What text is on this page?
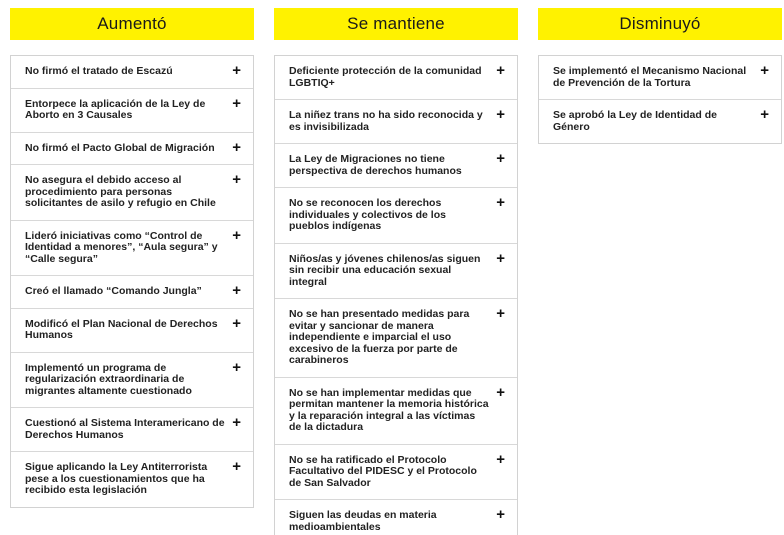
Aumentó
No firmó el tratado de Escazú	+
Entorpece la aplicación de la Ley de Aborto en 3 Causales
+
No firmó el Pacto Global de Migración	+
No asegura el debido acceso al procedimiento para personas solicitantes de asilo y refugio en Chile
+
Lideró iniciativas como “Control de Identidad a menores”, “Aula segura” y “Calle segura”
+
Creó el llamado “Comando Jungla”	+
Modificó el Plan Nacional de Derechos Humanos
+
Implementó un programa de regularización extraordinaria de migrantes altamente cuestionado
+
Cuestionó al Sistema Interamericano de Derechos Humanos
+
Sigue aplicando la Ley Antiterrorista pese a los cuestionamientos que ha recibido esta legislación
+
Se mantiene
Deficiente protección de la comunidad LGBTIQ+
+
La niñez trans no ha sido reconocida y es invisibilizada
+
La Ley de Migraciones no tiene perspectiva de derechos humanos
+
No se reconocen los derechos individuales y colectivos de los pueblos indígenas
+
Niños/as y jóvenes chilenos/as siguen sin recibir una educación sexual integral
+
No se han presentado medidas para evitar y sancionar de manera independiente e imparcial el uso excesivo de la fuerza por parte de carabineros
+
No se han implementar medidas que permitan mantener la memoria histórica y la reparación integral a las víctimas de la dictadura
+
No se ha ratificado el Protocolo Facultativo del PIDESC y el Protocolo de San Salvador
+
Siguen las deudas en materia medioambientales
+
Disminuyó
Se implementó el Mecanismo Nacional de Prevención de la Tortura
+
Se aprobó la Ley de Identidad de Género
+
